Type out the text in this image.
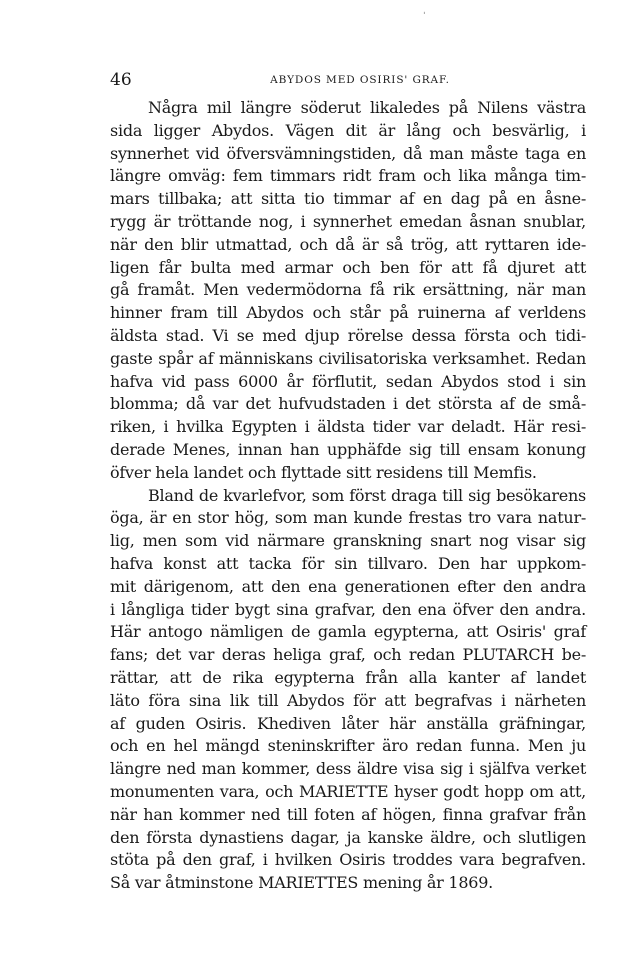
ˈ
46	ABYDOS MED OSIRIS' GRAF.
Några mil längre söderut likaledes på Nilens västra
sida ligger Abydos. Vägen dit är lång och besvärlig, i
synnerhet vid öfversvämningstiden, då man måste taga en
längre omväg: fem timmars ridt fram och lika många tim-
mars tillbaka; att sitta tio timmar af en dag på en åsne-
rygg är tröttande nog, i synnerhet emedan åsnan snublar,
när den blir utmattad, och då är så trög, att ryttaren ide-
ligen får bulta med armar och ben för att få djuret att
gå framåt. Men vedermödorna få rik ersättning, när man
hinner fram till Abydos och står på ruinerna af verldens
äldsta stad. Vi se med djup rörelse dessa första och tidi-
gaste spår af människans civilisatoriska verksamhet. Redan
hafva vid pass 6000 år förflutit, sedan Abydos stod i sin
blomma; då var det hufvudstaden i det största af de små-
riken, i hvilka Egypten i äldsta tider var deladt. Här resi-
derade Menes, innan han upphäfde sig till ensam konung
öfver hela landet och flyttade sitt residens till Memfis.
Bland de kvarlefvor, som först draga till sig besökarens
öga, är en stor hög, som man kunde frestas tro vara natur-
lig, men som vid närmare granskning snart nog visar sig
hafva konst att tacka för sin tillvaro. Den har uppkom-
mit därigenom, att den ena generationen efter den andra
i långliga tider bygt sina grafvar, den ena öfver den andra.
Här antogo nämligen de gamla egypterna, att Osiris' graf
fans; det var deras heliga graf, och redan PLUTARCH be-
rättar, att de rika egypterna från alla kanter af landet
läto föra sina lik till Abydos för att begrafvas i närheten
af guden Osiris. Khediven låter här anställa gräfningar,
och en hel mängd steninskrifter äro redan funna. Men ju
längre ned man kommer, dess äldre visa sig i själfva verket
monumenten vara, och MARIETTE hyser godt hopp om att,
när han kommer ned till foten af högen, finna grafvar från
den första dynastiens dagar, ja kanske äldre, och slutligen
stöta på den graf, i hvilken Osiris troddes vara begrafven.
Så var åtminstone MARIETTES mening år 1869.
